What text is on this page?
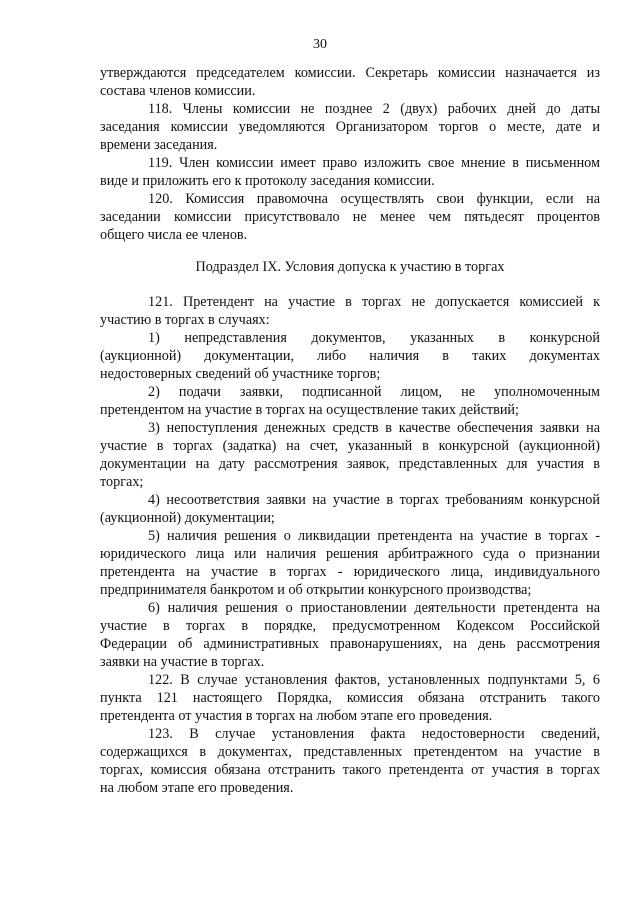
30
утверждаются председателем комиссии. Секретарь комиссии назначается из
состава членов комиссии.
118. Члены комиссии не позднее 2 (двух) рабочих дней до даты
заседания комиссии уведомляются Организатором торгов о месте, дате и
времени заседания.
119. Член комиссии имеет право изложить свое мнение в письменном
виде и приложить его к протоколу заседания комиссии.
120. Комиссия правомочна осуществлять свои функции, если на
заседании комиссии присутствовало не менее чем пятьдесят процентов
общего числа ее членов.
Подраздел IX. Условия допуска к участию в торгах
121. Претендент на участие в торгах не допускается комиссией к
участию в торгах в случаях:
1) непредставления документов, указанных в конкурсной
(аукционной) документации, либо наличия в таких документах
недостоверных сведений об участнике торгов;
2) подачи заявки, подписанной лицом, не уполномоченным
претендентом на участие в торгах на осуществление таких действий;
3) непоступления денежных средств в качестве обеспечения заявки на
участие в торгах (задатка) на счет, указанный в конкурсной (аукционной)
документации на дату рассмотрения заявок, представленных для участия в
торгах;
4) несоответствия заявки на участие в торгах требованиям конкурсной
(аукционной) документации;
5) наличия решения о ликвидации претендента на участие в торгах -
юридического лица или наличия решения арбитражного суда о признании
претендента на участие в торгах - юридического лица, индивидуального
предпринимателя банкротом и об открытии конкурсного производства;
6) наличия решения о приостановлении деятельности претендента на
участие в торгах в порядке, предусмотренном Кодексом Российской
Федерации об административных правонарушениях, на день рассмотрения
заявки на участие в торгах.
122. В случае установления фактов, установленных подпунктами 5, 6
пункта 121 настоящего Порядка, комиссия обязана отстранить такого
претендента от участия в торгах на любом этапе его проведения.
123. В случае установления факта недостоверности сведений,
содержащихся в документах, представленных претендентом на участие в
торгах, комиссия обязана отстранить такого претендента от участия в торгах
на любом этапе его проведения.
